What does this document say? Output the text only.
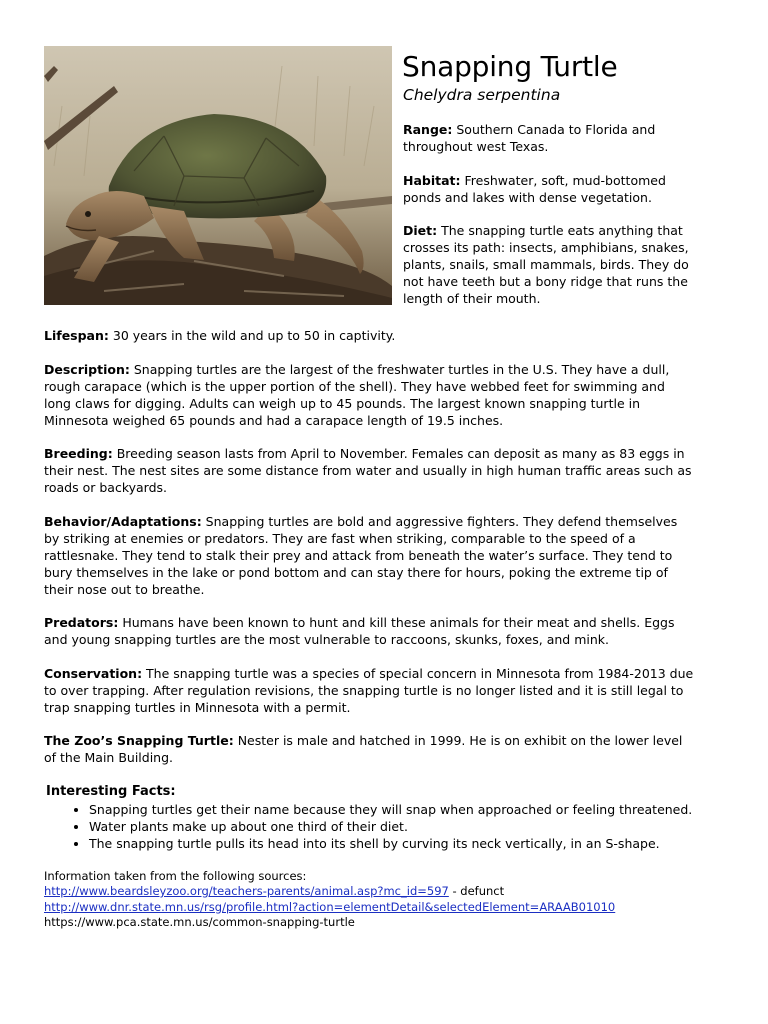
Snapping Turtle
Chelydra serpentina

Range: Southern Canada to Florida and throughout west Texas.

Habitat: Freshwater, soft, mud-bottomed ponds and lakes with dense vegetation.

Diet: The snapping turtle eats anything that crosses its path: insects, amphibians, snakes, plants, snails, small mammals, birds. They do not have teeth but a bony ridge that runs the length of their mouth.

Lifespan: 30 years in the wild and up to 50 in captivity.

Description: Snapping turtles are the largest of the freshwater turtles in the U.S. They have a dull, rough carapace (which is the upper portion of the shell). They have webbed feet for swimming and long claws for digging. Adults can weigh up to 45 pounds. The largest known snapping turtle in Minnesota weighed 65 pounds and had a carapace length of 19.5 inches.

Breeding: Breeding season lasts from April to November. Females can deposit as many as 83 eggs in their nest. The nest sites are some distance from water and usually in high human traffic areas such as roads or backyards.

Behavior/Adaptations: Snapping turtles are bold and aggressive fighters. They defend themselves by striking at enemies or predators. They are fast when striking, comparable to the speed of a rattlesnake. They tend to stalk their prey and attack from beneath the water’s surface. They tend to bury themselves in the lake or pond bottom and can stay there for hours, poking the extreme tip of their nose out to breathe.

Predators: Humans have been known to hunt and kill these animals for their meat and shells. Eggs and young snapping turtles are the most vulnerable to raccoons, skunks, foxes, and mink.

Conservation: The snapping turtle was a species of special concern in Minnesota from 1984-2013 due to over trapping. After regulation revisions, the snapping turtle is no longer listed and it is still legal to trap snapping turtles in Minnesota with a permit.

The Zoo’s Snapping Turtle: Nester is male and hatched in 1999. He is on exhibit on the lower level of the Main Building.

Interesting Facts:
• Snapping turtles get their name because they will snap when approached or feeling threatened.
• Water plants make up about one third of their diet.
• The snapping turtle pulls its head into its shell by curving its neck vertically, in an S-shape.
Information taken from the following sources:
http://www.beardsleyzoo.org/teachers-parents/animal.asp?mc_id=597 - defunct
http://www.dnr.state.mn.us/rsg/profile.html?action=elementDetail&selectedElement=ARAAB01010
https://www.pca.state.mn.us/common-snapping-turtle
